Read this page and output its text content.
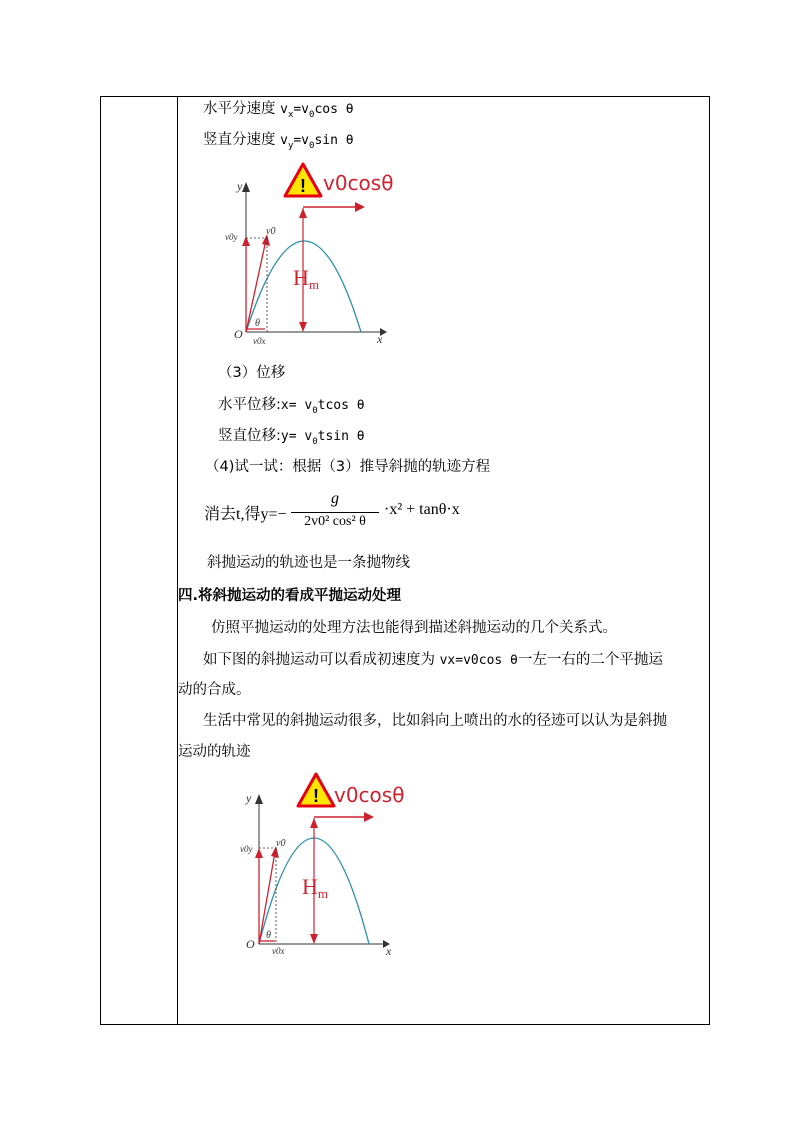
水平分速度 $v_x=v_0\cos$ θ
竖直分速度 $v_y=v_0\sin$ θ
! v0cosθ
Hm
y
x
O
θ
v0
v0y
v0x
（3）位移
水平位移:x= $v_0tcos$ θ
竖直位移:y= $v_0tsin$ θ
（4)试一试：根据（3）推导斜抛的轨迹方程
消去t,得y=−
g
2v0² cos² θ
·x² + tanθ·x
斜抛运动的轨迹也是一条抛物线
四.将斜抛运动的看成平抛运动处理
仿照平抛运动的处理方法也能得到描述斜抛运动的几个关系式。
如下图的斜抛运动可以看成初速度为 vx=v0cos θ一左一右的二个平抛运
动的合成。
生活中常见的斜抛运动很多，比如斜向上喷出的水的径迹可以认为是斜抛
运动的轨迹
! v0cosθ
Hm
y
x
O
θ
v0
v0y
v0x
